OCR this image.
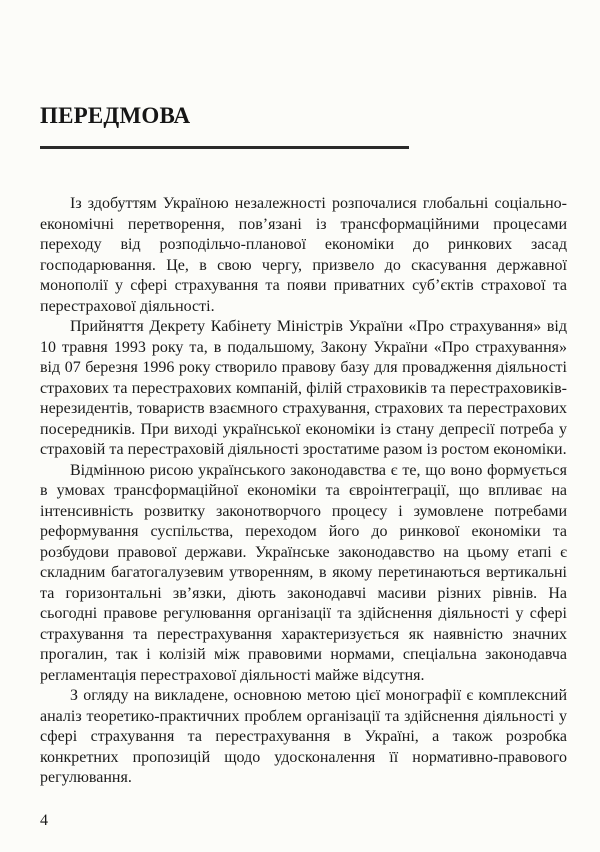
ПЕРЕДМОВА

Із здобуттям Україною незалежності розпочалися глобальні соціально-економічні перетворення, пов’язані із трансформаційними процесами переходу від розподільчо-планової економіки до ринкових засад господарювання. Це, в свою чергу, призвело до скасування державної монополії у сфері страхування та появи приватних суб’єктів страхової та перестрахової діяльності.

Прийняття Декрету Кабінету Міністрів України «Про страхування» від 10 травня 1993 року та, в подальшому, Закону України «Про страхування» від 07 березня 1996 року створило правову базу для провадження діяльності страхових та перестрахових компаній, філій страховиків та перестраховиків-нерезидентів, товариств взаємного страхування, страхових та перестрахових посередників. При виході української економіки із стану депресії потреба у страховій та перестраховій діяльності зростатиме разом із ростом економіки.

Відмінною рисою українського законодавства є те, що воно формується в умовах трансформаційної економіки та євроінтеграції, що впливає на інтенсивність розвитку законотворчого процесу і зумовлене потребами реформування суспільства, переходом його до ринкової економіки та розбудови правової держави. Українське законодавство на цьому етапі є складним багатогалузевим утворенням, в якому перетинаються вертикальні та горизонтальні зв’язки, діють законодавчі масиви різних рівнів. На сьогодні правове регулювання організації та здійснення діяльності у сфері страхування та перестрахування характеризується як наявністю значних прогалин, так і колізій між правовими нормами, спеціальна законодавча регламентація перестрахової діяльності майже відсутня.

З огляду на викладене, основною метою цієї монографії є комплексний аналіз теоретико-практичних проблем організації та здійснення діяльності у сфері страхування та перестрахування в Україні, а також розробка конкретних пропозицій щодо удосконалення її нормативно-правового регулювання.

4
